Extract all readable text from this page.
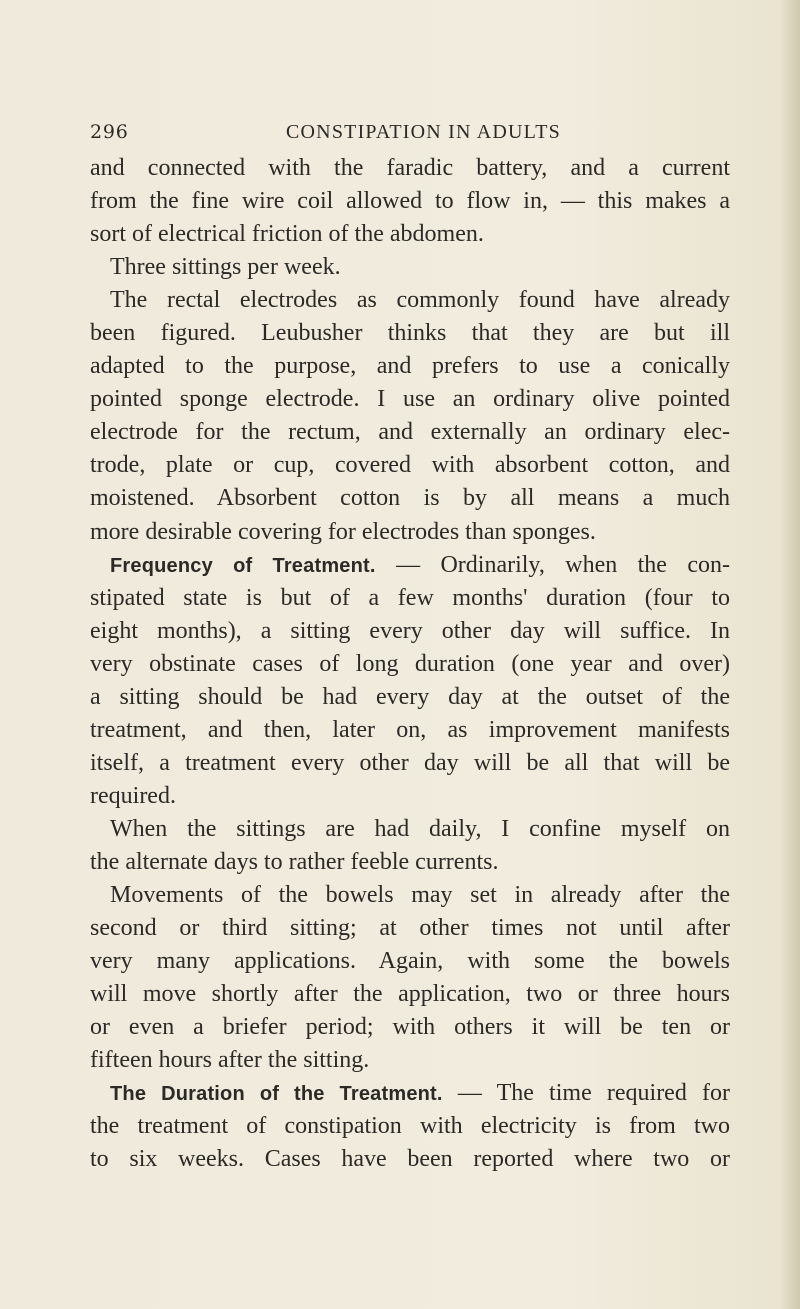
296	CONSTIPATION IN ADULTS
and connected with the faradic battery, and a current
from the fine wire coil allowed to flow in, — this makes a
sort of electrical friction of the abdomen.
Three sittings per week.
The rectal electrodes as commonly found have already
been figured. Leubusher thinks that they are but ill
adapted to the purpose, and prefers to use a conically
pointed sponge electrode. I use an ordinary olive pointed
electrode for the rectum, and externally an ordinary elec-
trode, plate or cup, covered with absorbent cotton, and
moistened. Absorbent cotton is by all means a much
more desirable covering for electrodes than sponges.
Frequency of Treatment. — Ordinarily, when the con-
stipated state is but of a few months' duration (four to
eight months), a sitting every other day will suffice. In
very obstinate cases of long duration (one year and over)
a sitting should be had every day at the outset of the
treatment, and then, later on, as improvement manifests
itself, a treatment every other day will be all that will be
required.
When the sittings are had daily, I confine myself on
the alternate days to rather feeble currents.
Movements of the bowels may set in already after the
second or third sitting; at other times not until after
very many applications. Again, with some the bowels
will move shortly after the application, two or three hours
or even a briefer period; with others it will be ten or
fifteen hours after the sitting.
The Duration of the Treatment. — The time required for
the treatment of constipation with electricity is from two
to six weeks. Cases have been reported where two or
